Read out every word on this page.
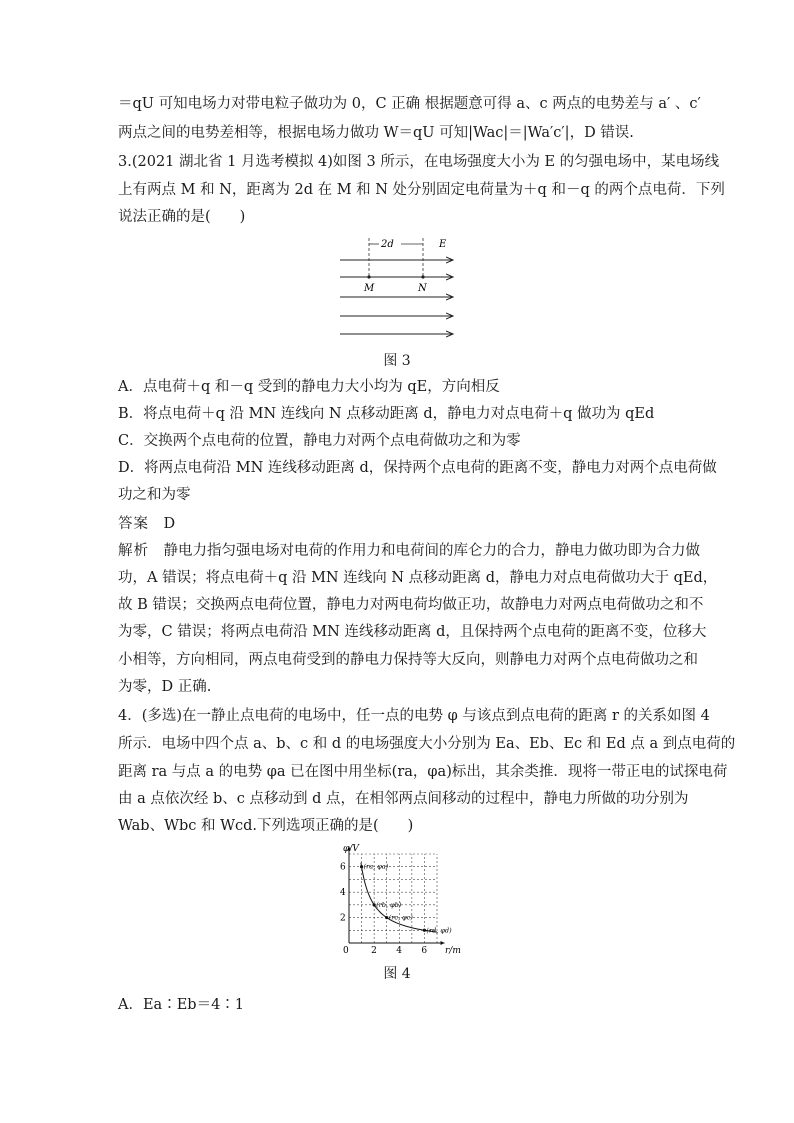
＝qU 可知电场力对带电粒子做功为 0，C 正确 根据题意可得 a、c 两点的电势差与 a′ 、c′
两点之间的电势差相等，根据电场力做功 W＝qU 可知|Wac|＝|Wa′c′|，D 错误.
3.(2021 湖北省 1 月选考模拟 4)如图 3 所示，在电场强度大小为 E 的匀强电场中，某电场线
上有两点 M 和 N，距离为 2d 在 M 和 N 处分别固定电荷量为＋q 和－q 的两个点电荷．下列
说法正确的是(　　)
2d	E
M	N
图 3
A．点电荷＋q 和－q 受到的静电力大小均为 qE，方向相反
B．将点电荷＋q 沿 MN 连线向 N 点移动距离 d，静电力对点电荷＋q 做功为 qEd
C．交换两个点电荷的位置，静电力对两个点电荷做功之和为零
D．将两点电荷沿 MN 连线移动距离 d，保持两个点电荷的距离不变，静电力对两个点电荷做
功之和为零
答案　 D
解析　 静电力指匀强电场对电荷的作用力和电荷间的库仑力的合力，静电力做功即为合力做
功，A 错误；将点电荷＋q 沿 MN 连线向 N 点移动距离 d，静电力对点电荷做功大于 qEd，
故 B 错误；交换两点电荷位置，静电力对两电荷均做正功，故静电力对两点电荷做功之和不
为零，C 错误；将两点电荷沿 MN 连线移动距离 d，且保持两个点电荷的距离不变，位移大
小相等，方向相同，两点电荷受到的静电力保持等大反向，则静电力对两个点电荷做功之和
为零，D 正确.
4．(多选)在一静止点电荷的电场中，任一点的电势 φ 与该点到点电荷的距离 r 的关系如图 4
所示．电场中四个点 a、b、c 和 d 的电场强度大小分别为 Ea、Eb、Ec 和 Ed 点 a 到点电荷的
距离 ra 与点 a 的电势 φa 已在图中用坐标(ra，φa)标出，其余类推．现将一带正电的试探电荷
由 a 点依次经 b、c 点移动到 d 点，在相邻两点间移动的过程中，静电力所做的功分别为
Wab、Wbc 和 Wcd.下列选项正确的是(　　)
2 4 6
2
4
6	(ra, φa)
(rb, φb)
(rc, φc)
(rd, φd)
φ/V
r/m
0
图 4
A．Ea∶Eb＝4∶1
